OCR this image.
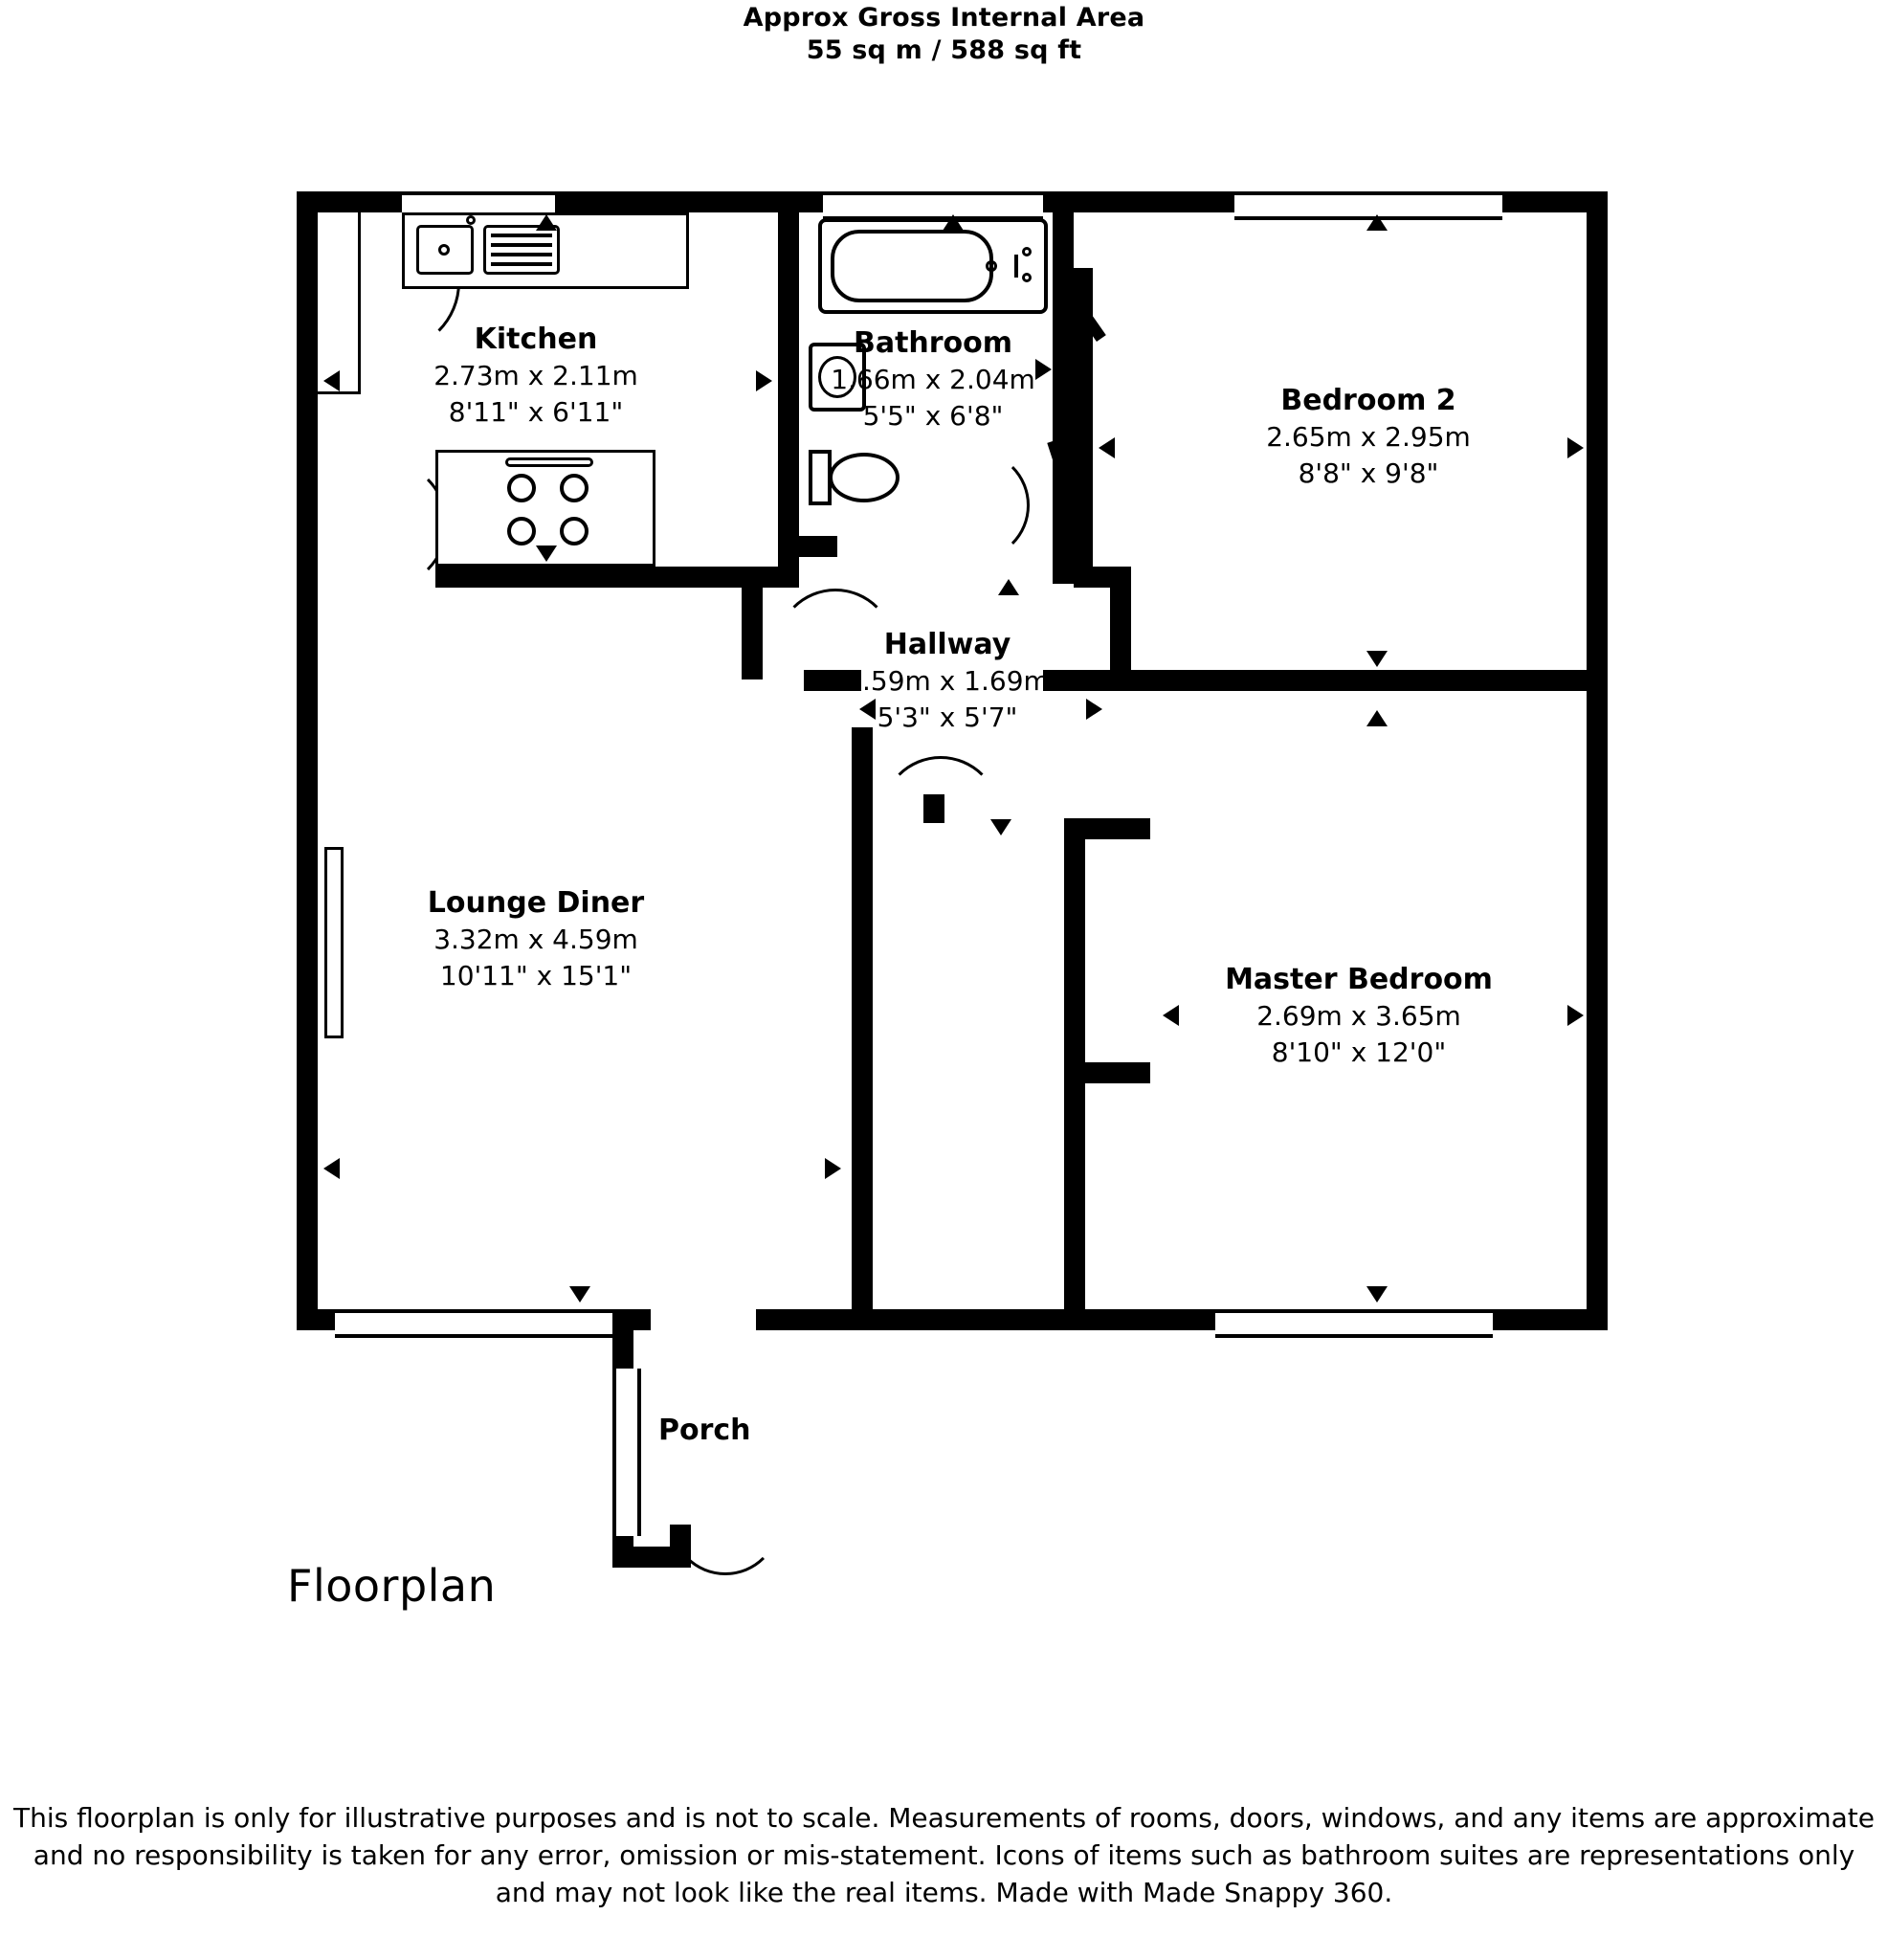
Approx Gross Internal Area
55 sq m / 588 sq ft
Kitchen
2.73m x 2.11m
8'11" x 6'11"
Bathroom
1.66m x 2.04m
5'5" x 6'8"	Bedroom 2
2.65m x 2.95m
8'8" x 9'8"
Hallway
1.59m x 1.69m
5'3" x 5'7"
Lounge Diner
3.32m x 4.59m
10'11" x 15'1"	Master Bedroom
2.69m x 3.65m
8'10" x 12'0"
Porch
Floorplan
This floorplan is only for illustrative purposes and is not to scale. Measurements of rooms, doors, windows, and any items are approximate and no responsibility is taken for any error, omission or mis-statement. Icons of items such as bathroom suites are representations only and may not look like the real items. Made with Made Snappy 360.
